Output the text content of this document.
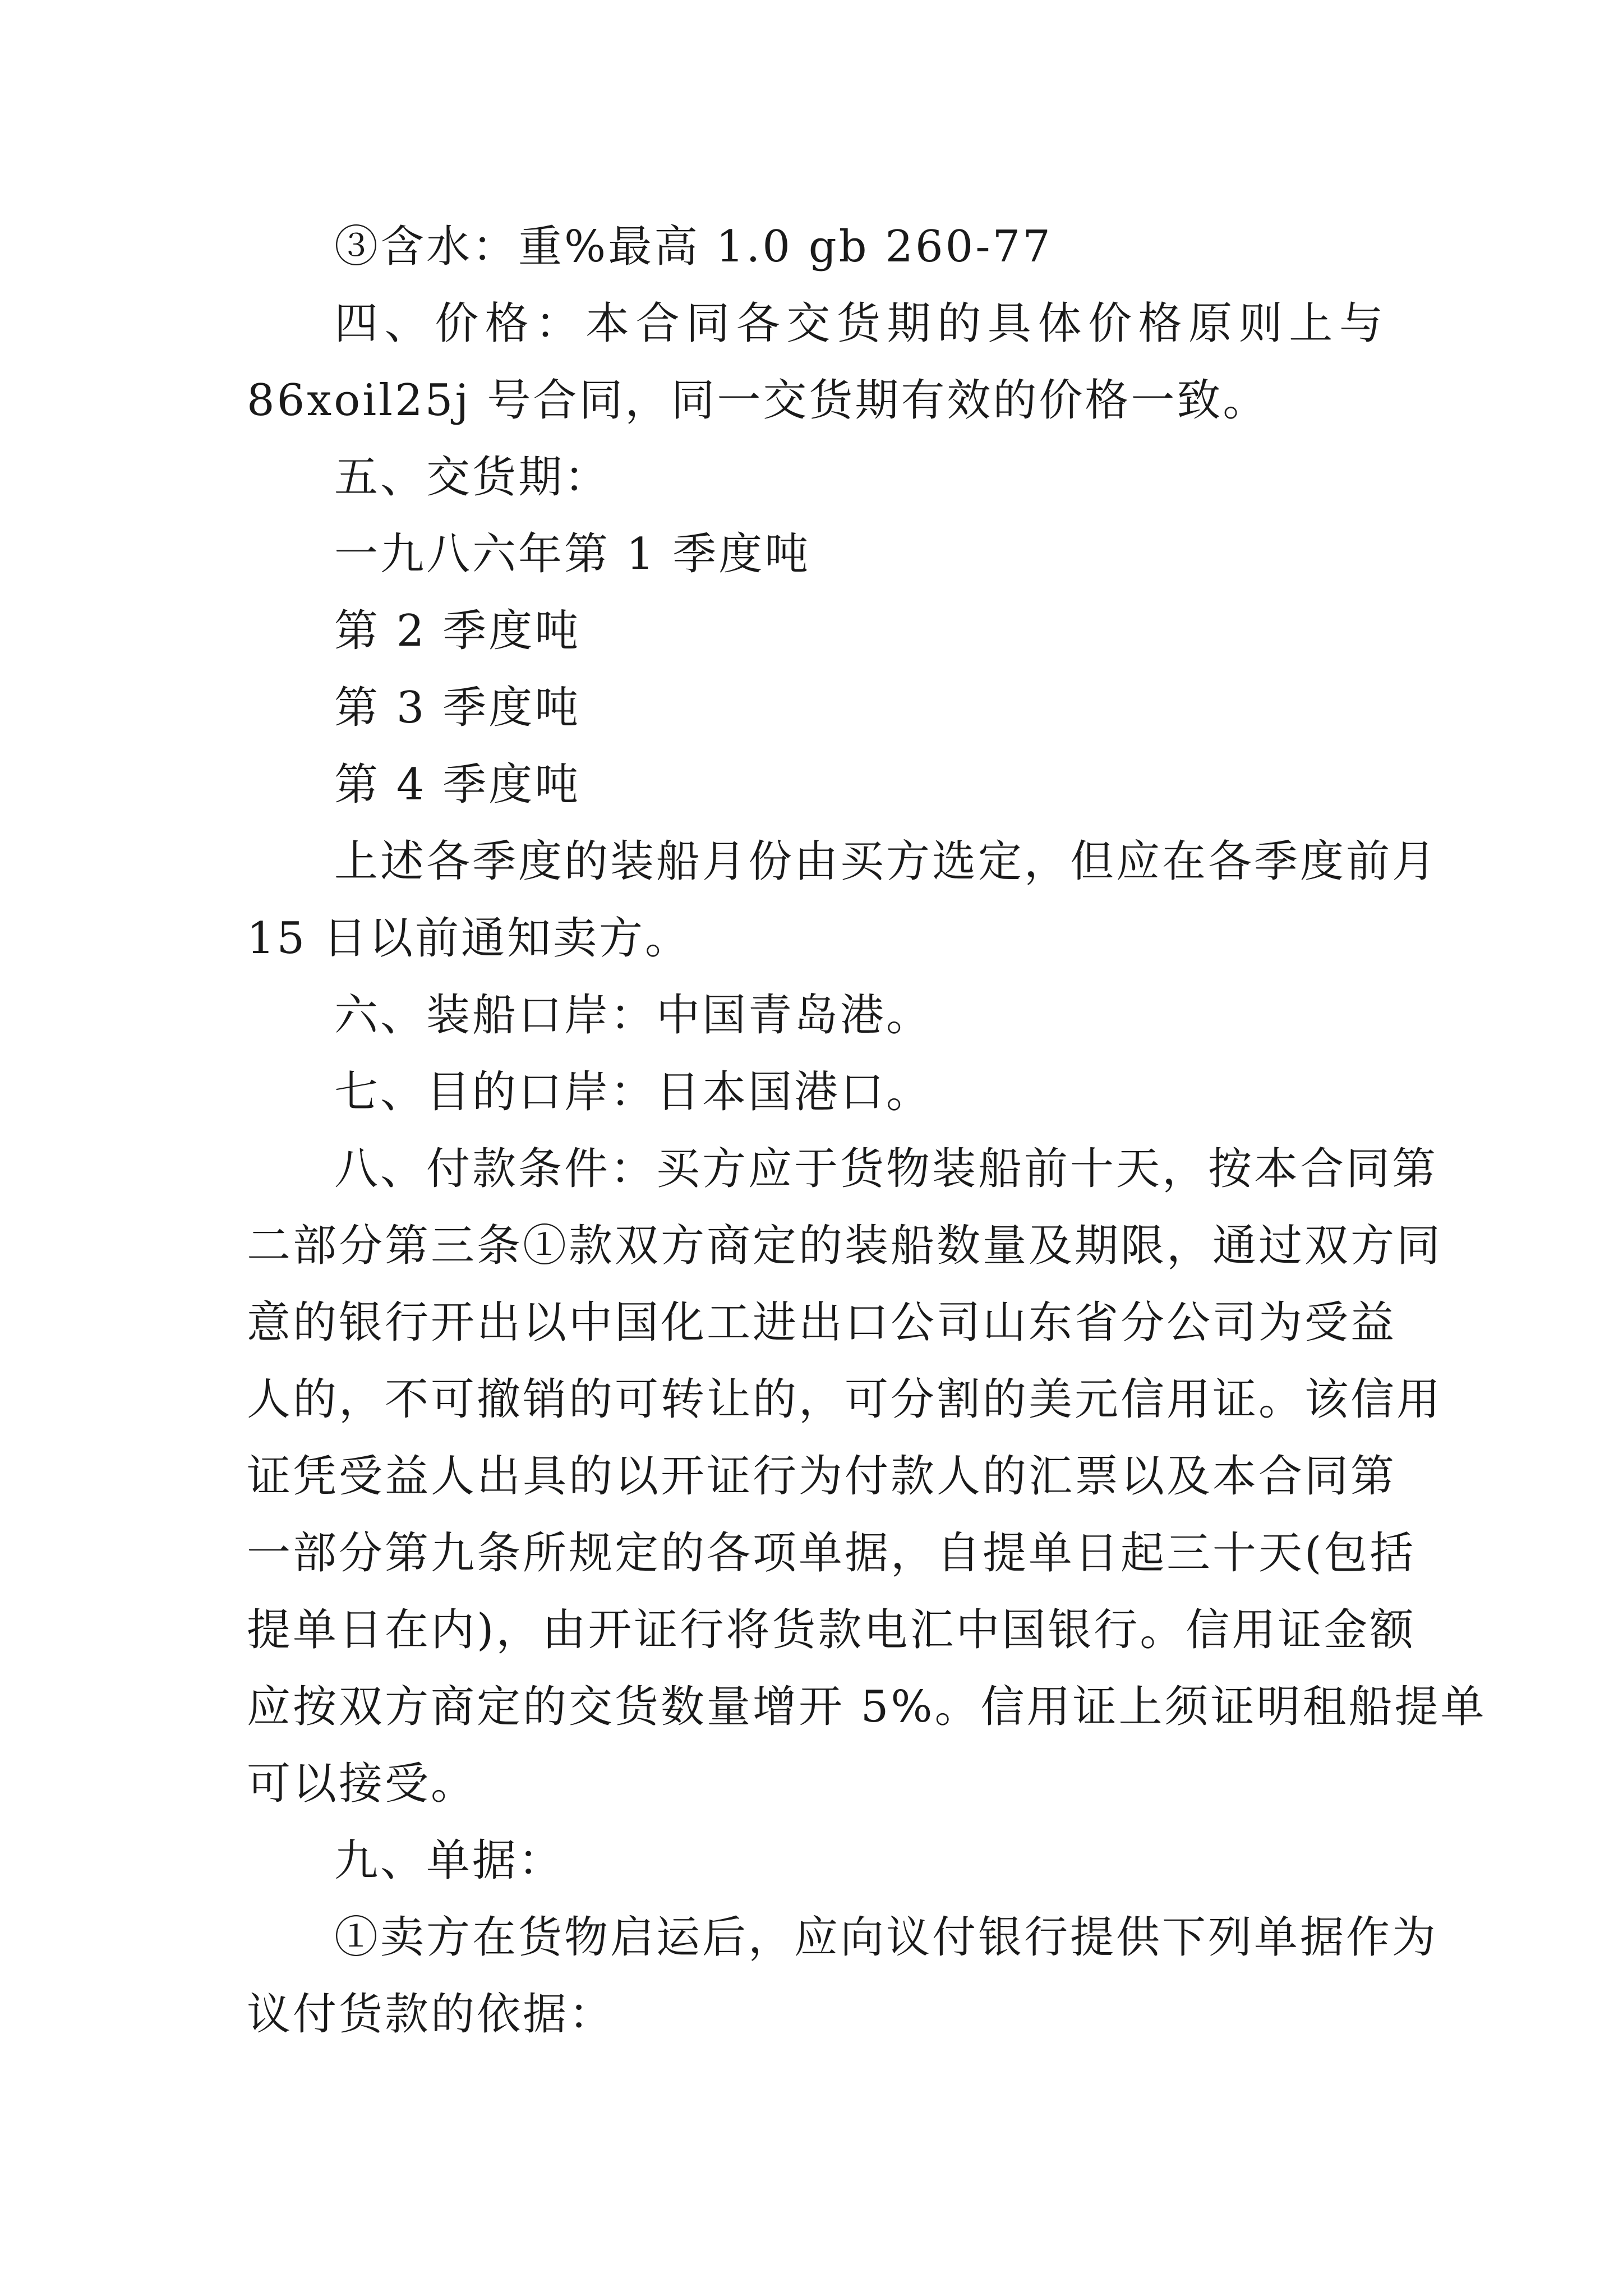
③含水：重%最高 1.0 gb 260-77
四、价格：本合同各交货期的具体价格原则上与
86xoil25j 号合同，同一交货期有效的价格一致。
五、交货期：
一九八六年第 1 季度吨
第 2 季度吨
第 3 季度吨
第 4 季度吨
上述各季度的装船月份由买方选定，但应在各季度前月
15 日以前通知卖方。
六、装船口岸：中国青岛港。
七、目的口岸：日本国港口。
八、付款条件：买方应于货物装船前十天，按本合同第
二部分第三条①款双方商定的装船数量及期限，通过双方同
意的银行开出以中国化工进出口公司山东省分公司为受益
人的，不可撤销的可转让的，可分割的美元信用证。该信用
证凭受益人出具的以开证行为付款人的汇票以及本合同第
一部分第九条所规定的各项单据，自提单日起三十天(包括
提单日在内)，由开证行将货款电汇中国银行。信用证金额
应按双方商定的交货数量增开 5%。信用证上须证明租船提单
可以接受。
九、单据：
①卖方在货物启运后，应向议付银行提供下列单据作为
议付货款的依据：
